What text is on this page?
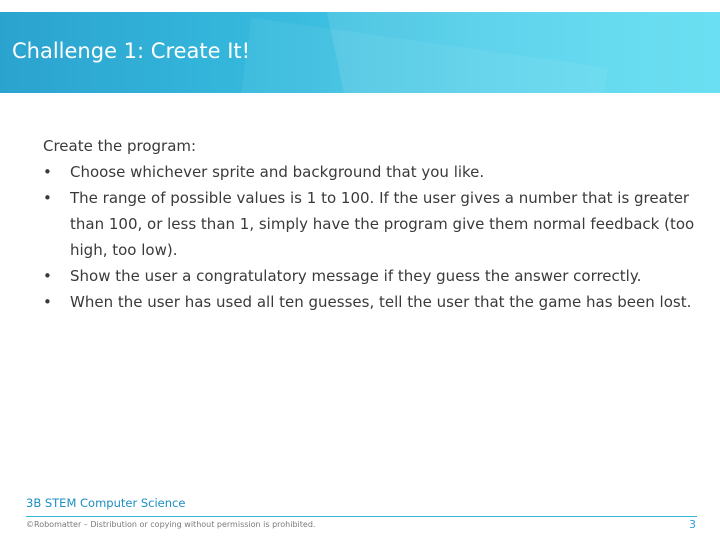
Challenge 1: Create It!
Create the program:
•	Choose whichever sprite and background that you like.
•	The range of possible values is 1 to 100. If the user gives a number that is greater than 100, or less than 1, simply have the program give them normal feedback (too high, too low).
•	Show the user a congratulatory message if they guess the answer correctly.
•	When the user has used all ten guesses, tell the user that the game has been lost.
3B STEM Computer Science
©Robomatter – Distribution or copying without permission is prohibited.	3
